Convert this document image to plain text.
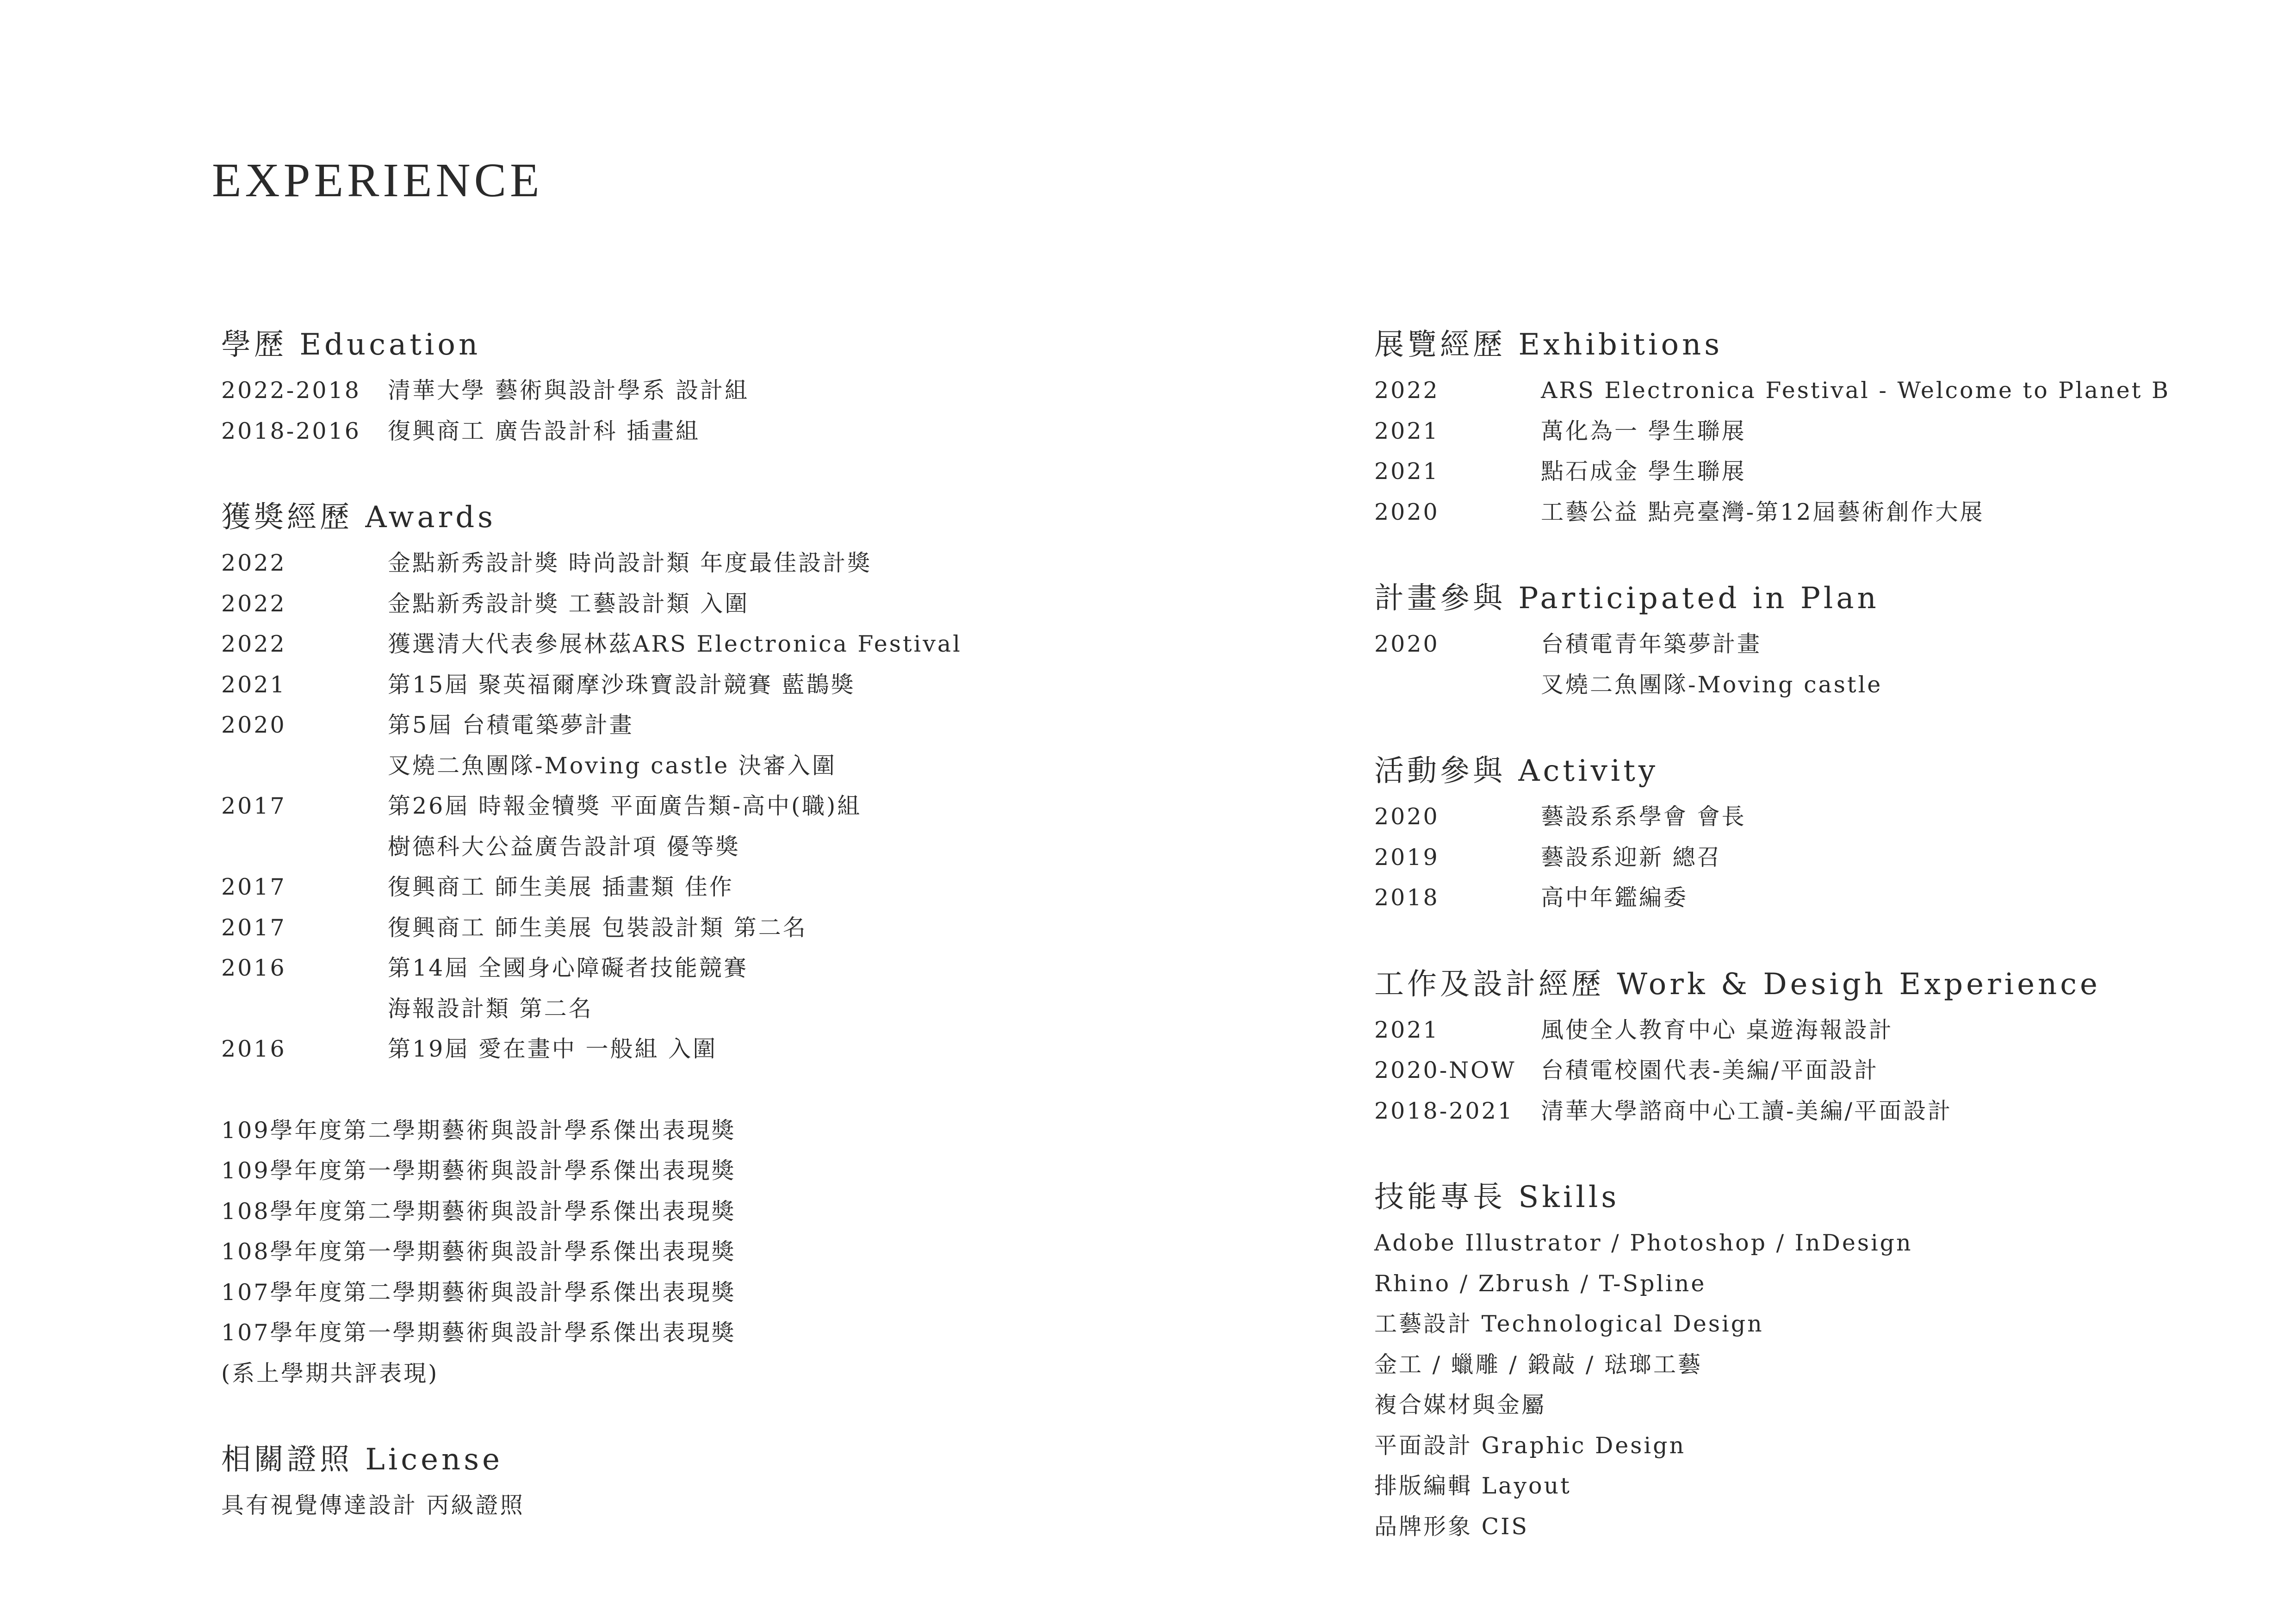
EXPERIENCE
學歷 Education
2022-2018	清華大學 藝術與設計學系 設計組
2018-2016	復興商工 廣告設計科 插畫組
獲獎經歷 Awards
2022	金點新秀設計獎 時尚設計類 年度最佳設計獎
2022	金點新秀設計獎 工藝設計類 入圍
2022	獲選清大代表參展林茲ARS Electronica Festival
2021	第15屆 聚英福爾摩沙珠寶設計競賽 藍鵲獎
2020	第5屆 台積電築夢計畫
叉燒二魚團隊-Moving castle 決審入圍
2017	第26屆 時報金犢獎 平面廣告類-高中(職)組
樹德科大公益廣告設計項 優等獎
2017	復興商工 師生美展 插畫類 佳作
2017	復興商工 師生美展 包裝設計類 第二名
2016	第14屆 全國身心障礙者技能競賽
海報設計類 第二名
2016	第19屆 愛在畫中 一般組 入圍
109學年度第二學期藝術與設計學系傑出表現獎
109學年度第一學期藝術與設計學系傑出表現獎
108學年度第二學期藝術與設計學系傑出表現獎
108學年度第一學期藝術與設計學系傑出表現獎
107學年度第二學期藝術與設計學系傑出表現獎
107學年度第一學期藝術與設計學系傑出表現獎
(系上學期共評表現)
相關證照 License
具有視覺傳達設計 丙級證照
展覽經歷 Exhibitions
2022	ARS Electronica Festival - Welcome to Planet B
2021	萬化為一 學生聯展
2021	點石成金 學生聯展
2020	工藝公益 點亮臺灣-第12屆藝術創作大展
計畫參與 Participated in Plan
2020	台積電青年築夢計畫
叉燒二魚團隊-Moving castle
活動參與 Activity
2020	藝設系系學會 會長
2019	藝設系迎新 總召
2018	高中年鑑編委
工作及設計經歷 Work & Desigh Experience
2021	風使全人教育中心 桌遊海報設計
2020-NOW	台積電校園代表-美編/平面設計
2018-2021	清華大學諮商中心工讀-美編/平面設計
技能專長 Skills
Adobe Illustrator / Photoshop / InDesign
Rhino / Zbrush / T-Spline
工藝設計 Technological Design
金工 / 蠟雕 / 鍛敲 / 琺瑯工藝
複合媒材與金屬
平面設計 Graphic Design
排版編輯 Layout
品牌形象 CIS
